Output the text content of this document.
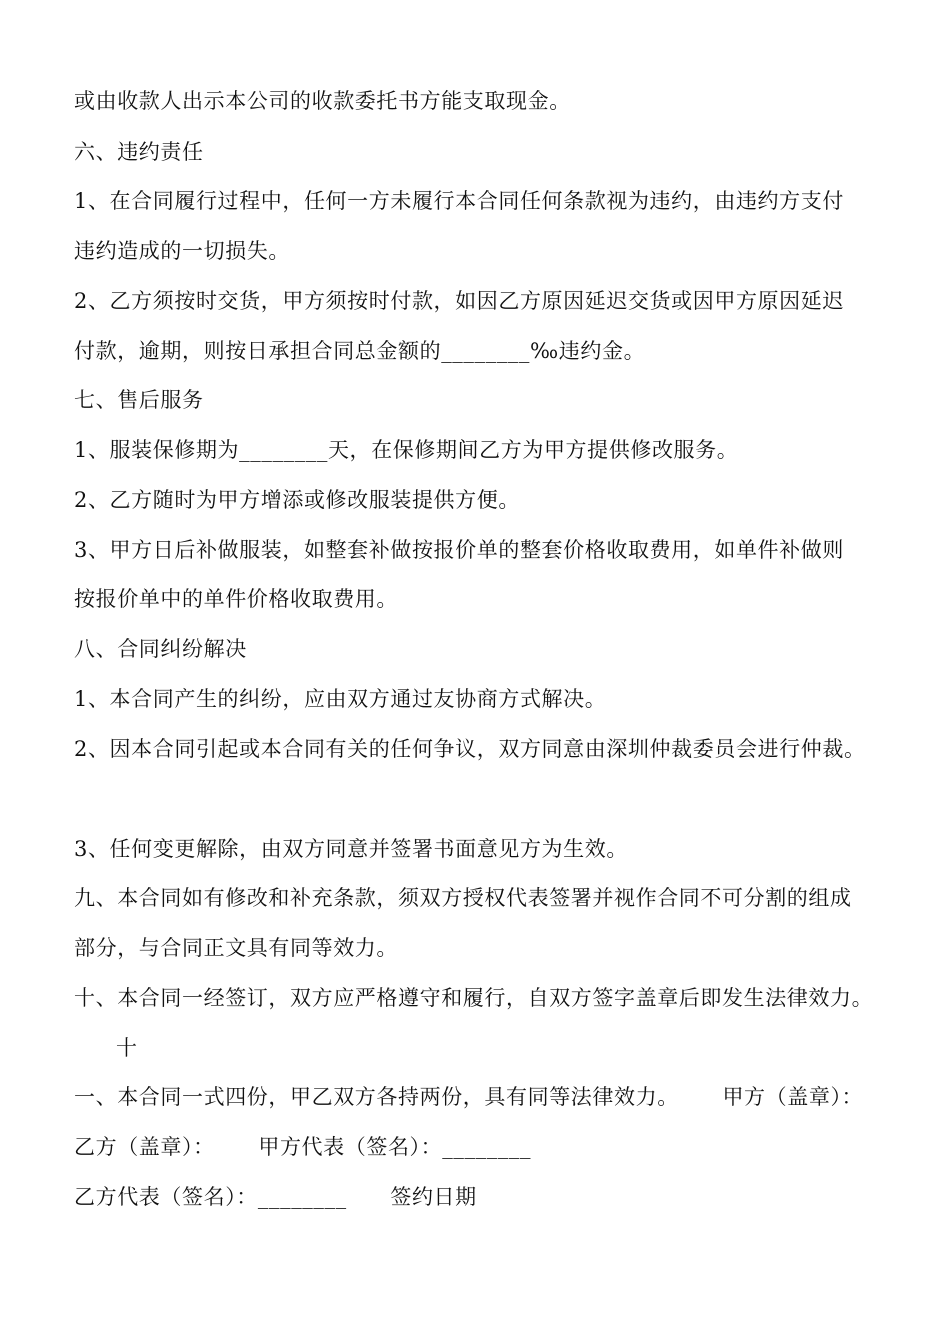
或由收款人出示本公司的收款委托书方能支取现金。
六、违约责任
1、在合同履行过程中，任何一方未履行本合同任何条款视为违约，由违约方支付
违约造成的一切损失。
2、乙方须按时交货，甲方须按时付款，如因乙方原因延迟交货或因甲方原因延迟
付款，逾期，则按日承担合同总金额的________‰违约金。
七、售后服务
1、服装保修期为________天，在保修期间乙方为甲方提供修改服务。
2、乙方随时为甲方增添或修改服装提供方便。
3、甲方日后补做服装，如整套补做按报价单的整套价格收取费用，如单件补做则
按报价单中的单件价格收取费用。
八、合同纠纷解决
1、本合同产生的纠纷，应由双方通过友协商方式解决。
2、因本合同引起或本合同有关的任何争议，双方同意由深圳仲裁委员会进行仲裁。
3、任何变更解除，由双方同意并签署书面意见方为生效。
九、本合同如有修改和补充条款，须双方授权代表签署并视作合同不可分割的组成
部分，与合同正文具有同等效力。
十、本合同一经签订，双方应严格遵守和履行，自双方签字盖章后即发生法律效力。
十
一、本合同一式四份，甲乙双方各持两份，具有同等法律效力。      甲方（盖章）：
乙方（盖章）：      甲方代表（签名）：________
乙方代表（签名）：________      签约日期
